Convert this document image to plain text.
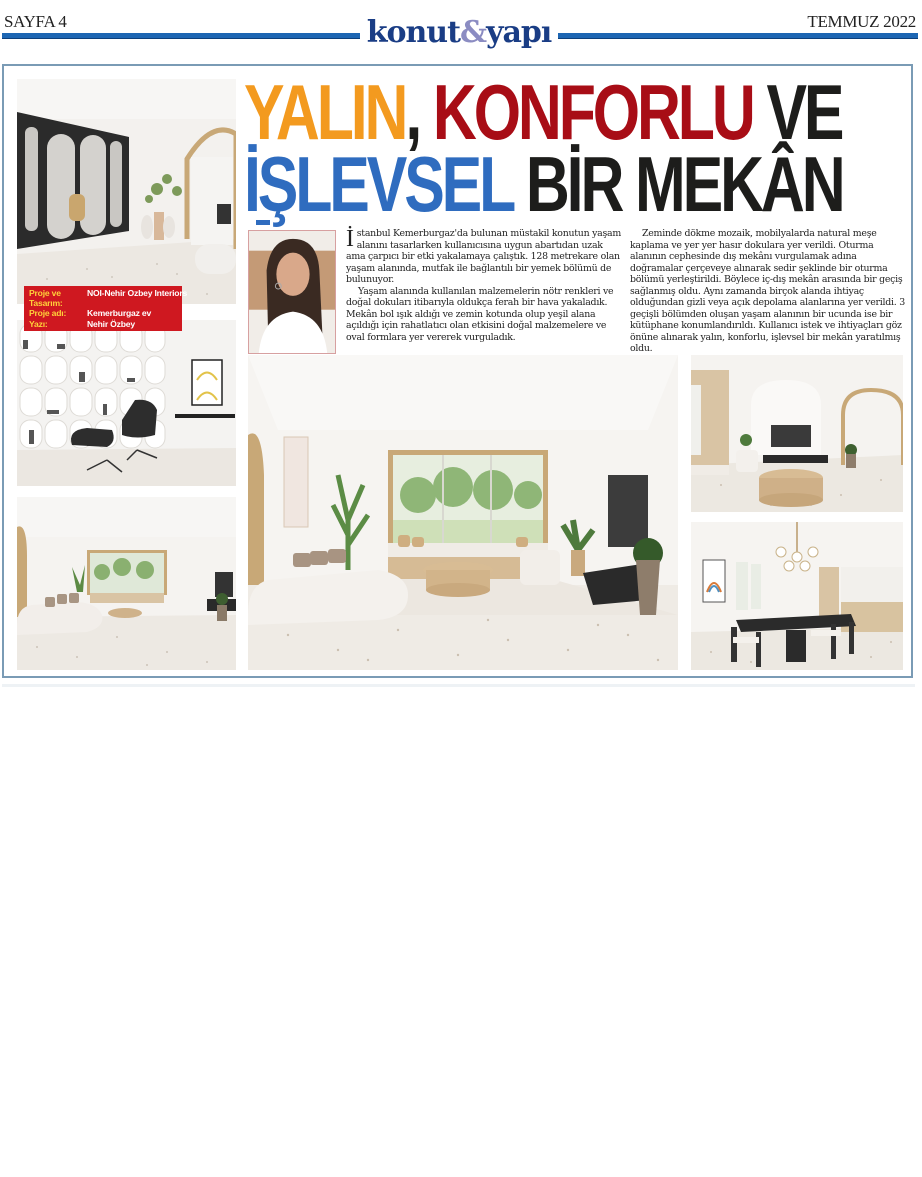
SAYFA 4	konut&yapı	TEMMUZ 2022
YALIN, KONFORLU VE
İŞLEVSEL BİR MEKÂN
Proje ve Tasarım:
NOI-Nehir Ozbey Interiors
Proje adı:	Kemerburgaz ev
Yazı:	Nehir Özbey
İ stanbul Kemerburgaz'da bulunan müstakil konutun yaşam alanını tasarlarken kullanıcısına uygun abartıdan uzak ama çarpıcı bir etki yakalamaya çalıştık. 128 metrekare olan yaşam alanında, mutfak ile bağlantılı bir yemek bölümü de bulunuyor.

Yaşam alanında kullanılan malzemelerin nötr renkleri ve doğal dokuları itibarıyla oldukça ferah bir hava yakaladık. Mekân bol ışık aldığı ve zemin kotunda olup yeşil alana açıldığı için rahatlatıcı olan etkisini doğal malzemelere ve oval formlara yer vererek vurguladık.

Zeminde dökme mozaik, mobilyalarda natural meşe kaplama ve yer yer hasır dokulara yer verildi. Oturma alanının cephesinde dış mekânı vurgulamak adına doğramalar çerçeveye alınarak sedir şeklinde bir oturma bölümü yerleştirildi. Böylece iç-dış mekân arasında bir geçiş sağlanmış oldu. Aynı zamanda birçok alanda ihtiyaç olduğundan gizli veya açık depolama alanlarına yer verildi. 3 geçişli bölümden oluşan yaşam alanının bir ucunda ise bir kütüphane konumlandırıldı. Kullanıcı istek ve ihtiyaçları göz önüne alınarak yalın, konforlu, işlevsel bir mekân yaratılmış oldu.
